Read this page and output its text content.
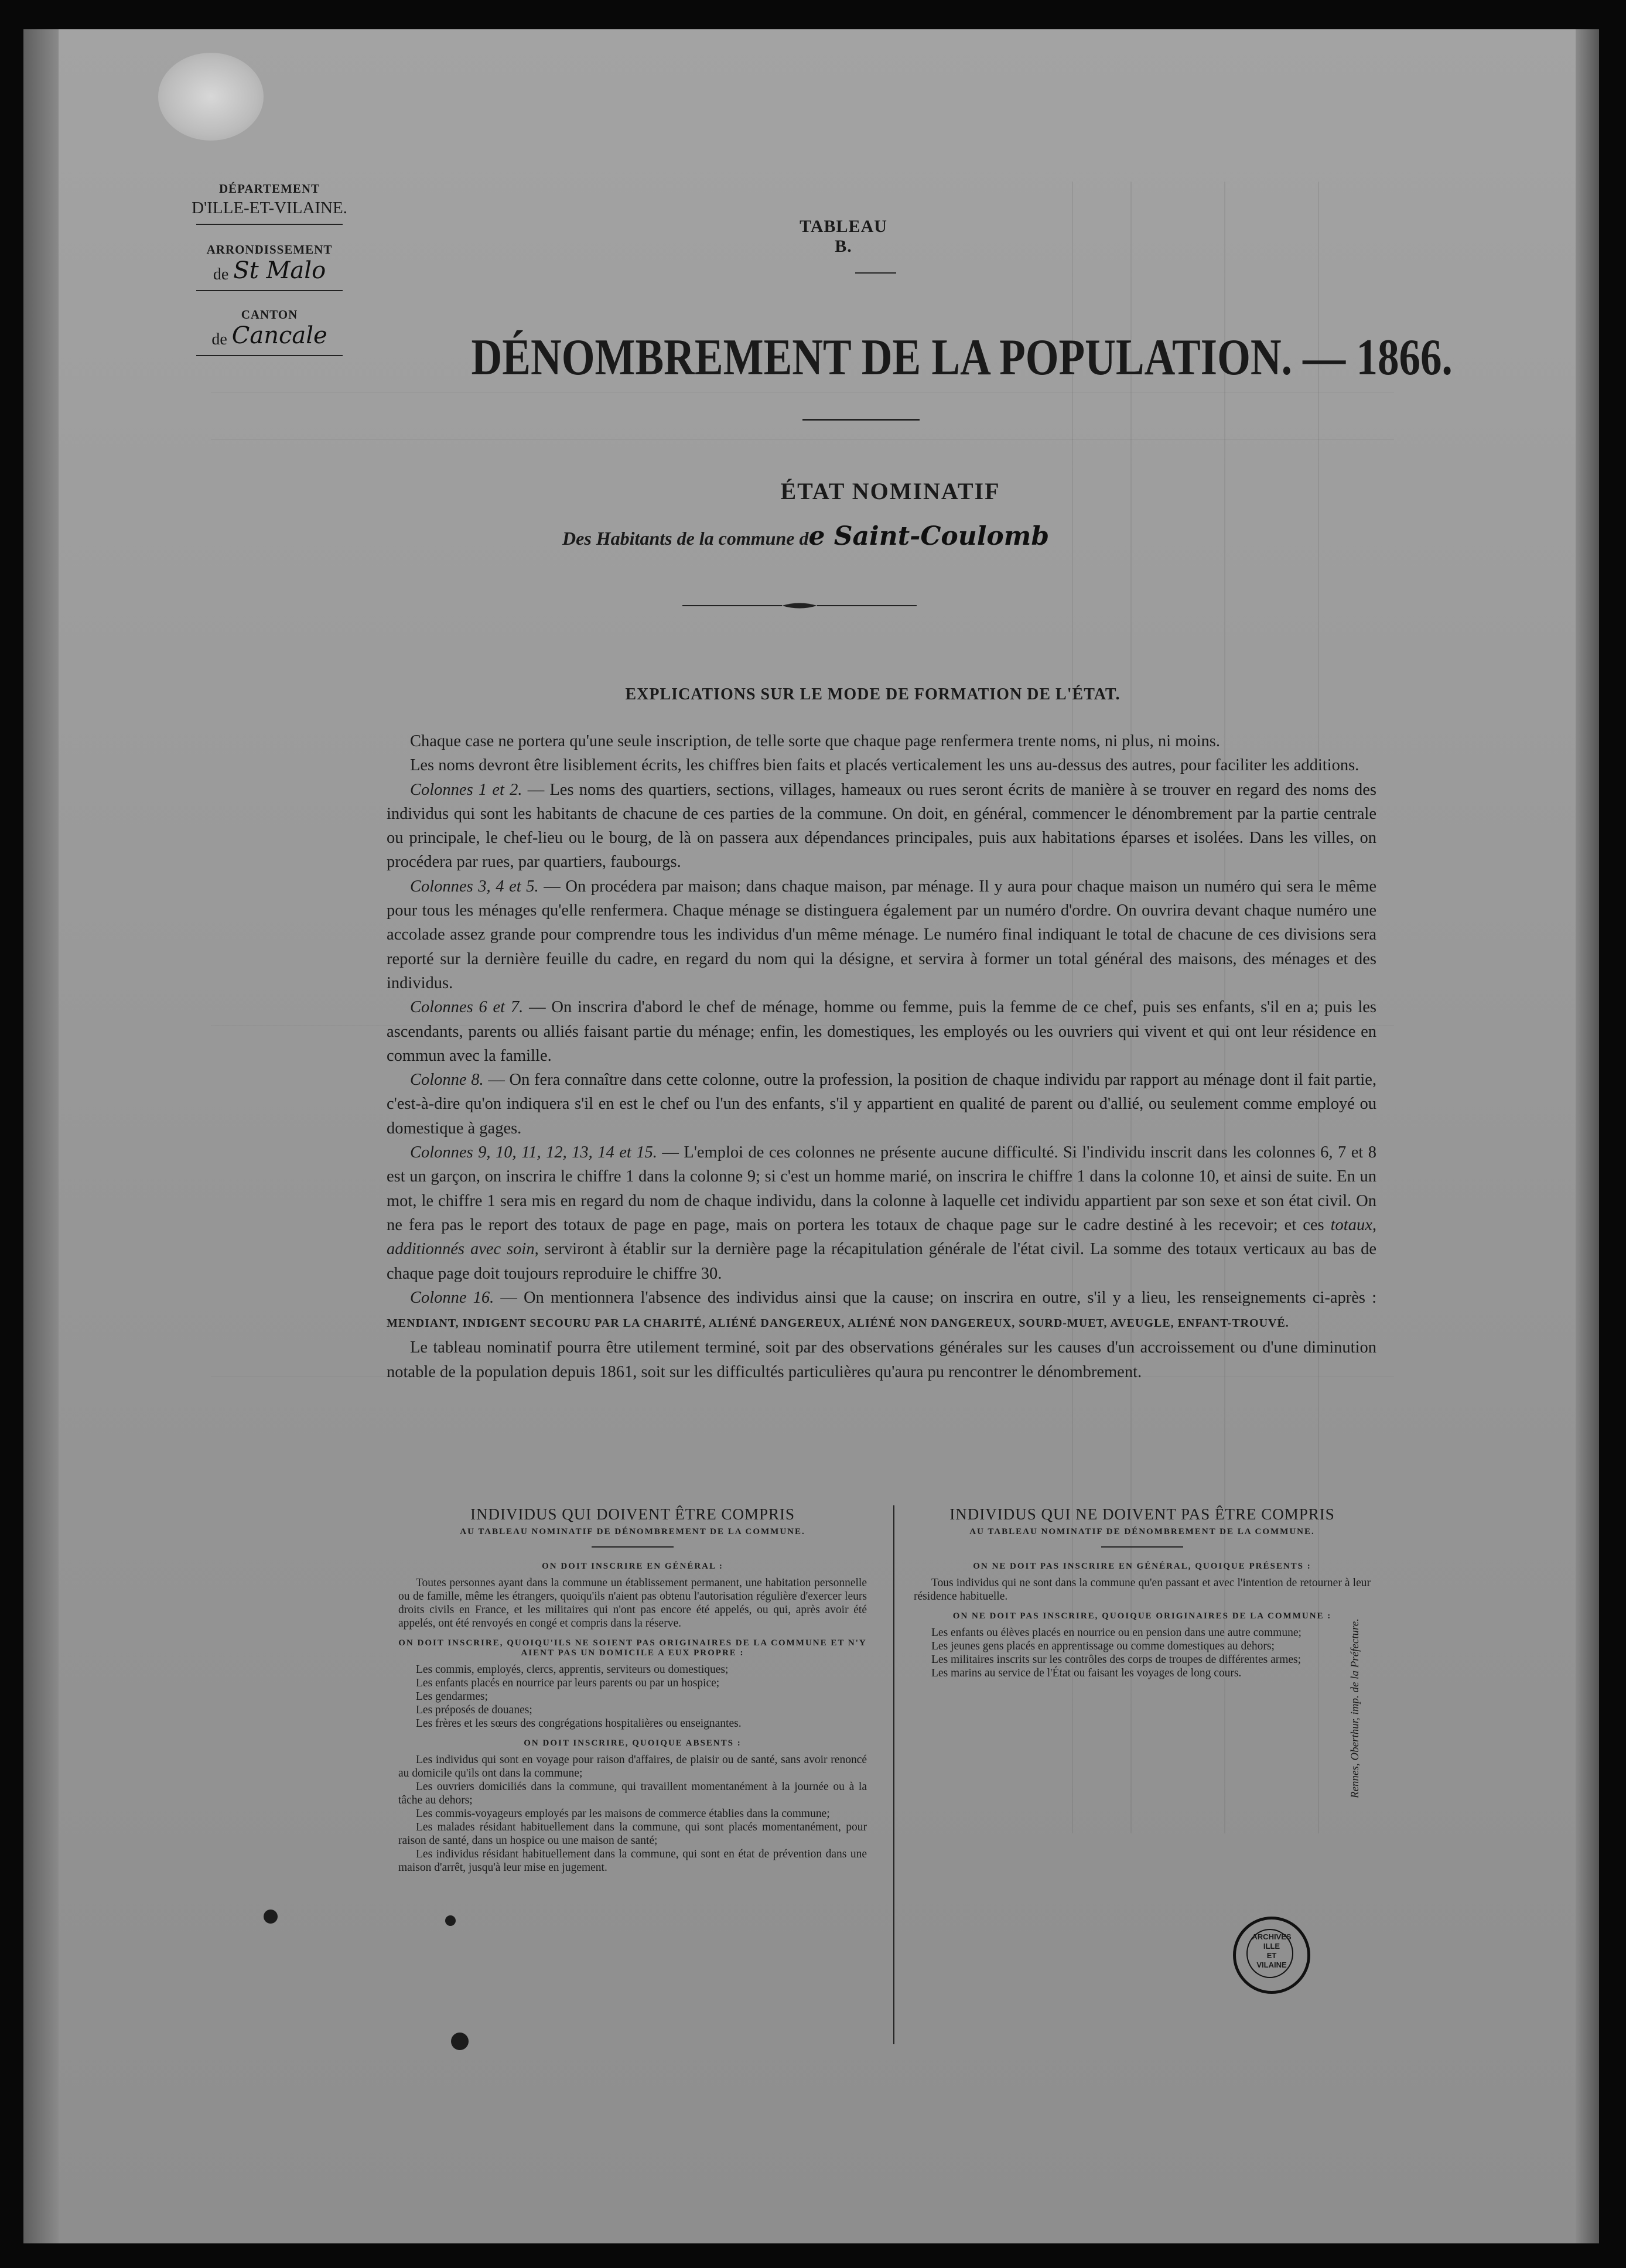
DÉPARTEMENT
D'ILLE-ET-VILAINE.
ARRONDISSEMENT
de St Malo
CANTON
de Cancale
TABLEAU B.
DÉNOMBREMENT DE LA POPULATION. — 1866.
ÉTAT NOMINATIF
Des Habitants de la commune de Saint-Coulomb
EXPLICATIONS SUR LE MODE DE FORMATION DE L'ÉTAT.

Chaque case ne portera qu'une seule inscription, de telle sorte que chaque page renfermera trente noms, ni plus, ni moins.

Les noms devront être lisiblement écrits, les chiffres bien faits et placés verticalement les uns au-dessus des autres, pour faciliter les additions.

Colonnes 1 et 2. — Les noms des quartiers, sections, villages, hameaux ou rues seront écrits de manière à se trouver en regard des noms des individus qui sont les habitants de chacune de ces parties de la commune. On doit, en général, commencer le dénombrement par la partie centrale ou principale, le chef-lieu ou le bourg, de là on passera aux dépendances principales, puis aux habitations éparses et isolées. Dans les villes, on procédera par rues, par quartiers, faubourgs.

Colonnes 3, 4 et 5. — On procédera par maison; dans chaque maison, par ménage. Il y aura pour chaque maison un numéro qui sera le même pour tous les ménages qu'elle renfermera. Chaque ménage se distinguera également par un numéro d'ordre. On ouvrira devant chaque numéro une accolade assez grande pour comprendre tous les individus d'un même ménage. Le numéro final indiquant le total de chacune de ces divisions sera reporté sur la dernière feuille du cadre, en regard du nom qui la désigne, et servira à former un total général des maisons, des ménages et des individus.

Colonnes 6 et 7. — On inscrira d'abord le chef de ménage, homme ou femme, puis la femme de ce chef, puis ses enfants, s'il en a; puis les ascendants, parents ou alliés faisant partie du ménage; enfin, les domestiques, les employés ou les ouvriers qui vivent et qui ont leur résidence en commun avec la famille.

Colonne 8. — On fera connaître dans cette colonne, outre la profession, la position de chaque individu par rapport au ménage dont il fait partie, c'est-à-dire qu'on indiquera s'il en est le chef ou l'un des enfants, s'il y appartient en qualité de parent ou d'allié, ou seulement comme employé ou domestique à gages.

Colonnes 9, 10, 11, 12, 13, 14 et 15. — L'emploi de ces colonnes ne présente aucune difficulté. Si l'individu inscrit dans les colonnes 6, 7 et 8 est un garçon, on inscrira le chiffre 1 dans la colonne 9; si c'est un homme marié, on inscrira le chiffre 1 dans la colonne 10, et ainsi de suite. En un mot, le chiffre 1 sera mis en regard du nom de chaque individu, dans la colonne à laquelle cet individu appartient par son sexe et son état civil. On ne fera pas le report des totaux de page en page, mais on portera les totaux de chaque page sur le cadre destiné à les recevoir; et ces totaux, additionnés avec soin, serviront à établir sur la dernière page la récapitulation générale de l'état civil. La somme des totaux verticaux au bas de chaque page doit toujours reproduire le chiffre 30.

Colonne 16. — On mentionnera l'absence des individus ainsi que la cause; on inscrira en outre, s'il y a lieu, les renseignements ci-après : MENDIANT, INDIGENT SECOURU PAR LA CHARITÉ, ALIÉNÉ DANGEREUX, ALIÉNÉ NON DANGEREUX, SOURD-MUET, AVEUGLE, ENFANT-TROUVÉ.

Le tableau nominatif pourra être utilement terminé, soit par des observations générales sur les causes d'un accroissement ou d'une diminution notable de la population depuis 1861, soit sur les difficultés particulières qu'aura pu rencontrer le dénombrement.

INDIVIDUS QUI DOIVENT ÊTRE COMPRIS
AU TABLEAU NOMINATIF DE DÉNOMBREMENT DE LA COMMUNE.
ON DOIT INSCRIRE EN GÉNÉRAL :

Toutes personnes ayant dans la commune un établissement permanent, une habitation personnelle ou de famille, même les étrangers, quoiqu'ils n'aient pas obtenu l'autorisation régulière d'exercer leurs droits civils en France, et les militaires qui n'ont pas encore été appelés, ou qui, après avoir été appelés, ont été renvoyés en congé et compris dans la réserve.

ON DOIT INSCRIRE, QUOIQU'ILS NE SOIENT PAS ORIGINAIRES DE LA COMMUNE ET N'Y AIENT PAS UN DOMICILE A EUX PROPRE :

Les commis, employés, clercs, apprentis, serviteurs ou domestiques;

Les enfants placés en nourrice par leurs parents ou par un hospice;

Les gendarmes;

Les préposés de douanes;

Les frères et les sœurs des congrégations hospitalières ou enseignantes.

ON DOIT INSCRIRE, QUOIQUE ABSENTS :

Les individus qui sont en voyage pour raison d'affaires, de plaisir ou de santé, sans avoir renoncé au domicile qu'ils ont dans la commune;

Les ouvriers domiciliés dans la commune, qui travaillent momentanément à la journée ou à la tâche au dehors;

Les commis-voyageurs employés par les maisons de commerce établies dans la commune;

Les malades résidant habituellement dans la commune, qui sont placés momentanément, pour raison de santé, dans un hospice ou une maison de santé;

Les individus résidant habituellement dans la commune, qui sont en état de prévention dans une maison d'arrêt, jusqu'à leur mise en jugement.

INDIVIDUS QUI NE DOIVENT PAS ÊTRE COMPRIS
AU TABLEAU NOMINATIF DE DÉNOMBREMENT DE LA COMMUNE.
ON NE DOIT PAS INSCRIRE EN GÉNÉRAL, QUOIQUE PRÉSENTS :

Tous individus qui ne sont dans la commune qu'en passant et avec l'intention de retourner à leur résidence habituelle.

ON NE DOIT PAS INSCRIRE, QUOIQUE ORIGINAIRES DE LA COMMUNE :

Les enfants ou élèves placés en nourrice ou en pension dans une autre commune;

Les jeunes gens placés en apprentissage ou comme domestiques au dehors;

Les militaires inscrits sur les contrôles des corps de troupes de différentes armes;

Les marins au service de l'État ou faisant les voyages de long cours.	Rennes, Oberthur, imp. de la Préfecture.
ARCHIVES
ILLE
ET
VILAINE
